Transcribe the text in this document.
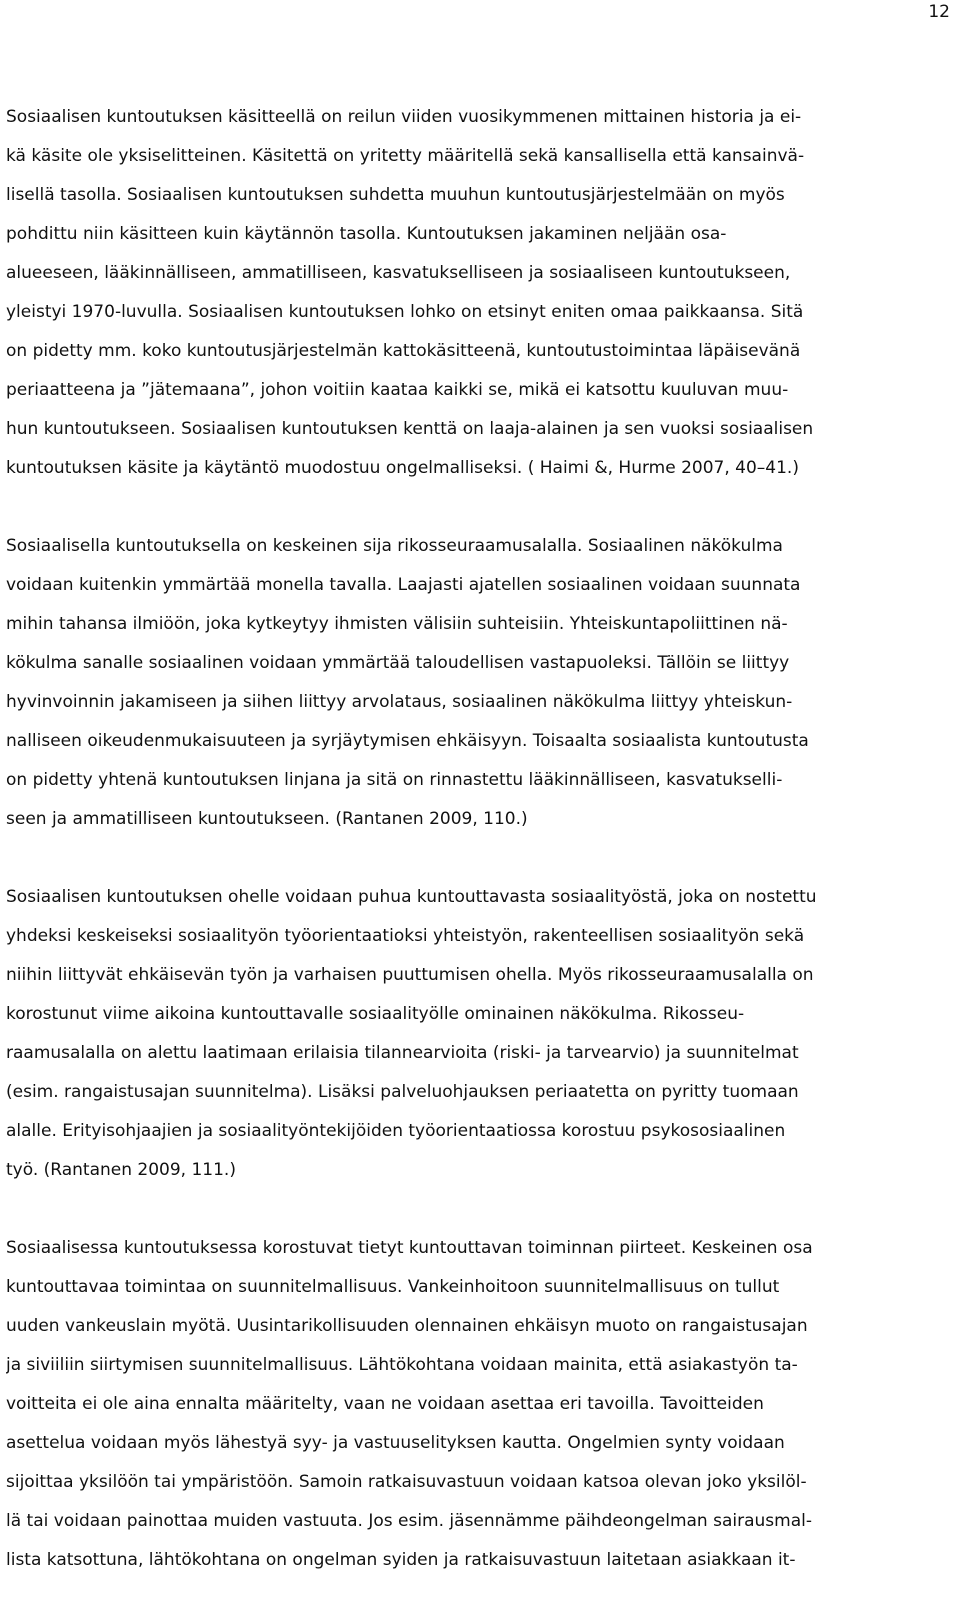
12

Sosiaalisen kuntoutuksen käsitteellä on reilun viiden vuosikymmenen mittainen historia ja ei-
kä käsite ole yksiselitteinen. Käsitettä on yritetty määritellä sekä kansallisella että kansainvä-
lisellä tasolla. Sosiaalisen kuntoutuksen suhdetta muuhun kuntoutusjärjestelmään on myös
pohdittu niin käsitteen kuin käytännön tasolla. Kuntoutuksen jakaminen neljään osa-
alueeseen, lääkinnälliseen, ammatilliseen, kasvatukselliseen ja sosiaaliseen kuntoutukseen,
yleistyi 1970-luvulla. Sosiaalisen kuntoutuksen lohko on etsinyt eniten omaa paikkaansa. Sitä
on pidetty mm. koko kuntoutusjärjestelmän kattokäsitteenä, kuntoutustoimintaa läpäisevänä
periaatteena ja ”jätemaana”, johon voitiin kaataa kaikki se, mikä ei katsottu kuuluvan muu-
hun kuntoutukseen. Sosiaalisen kuntoutuksen kenttä on laaja-alainen ja sen vuoksi sosiaalisen
kuntoutuksen käsite ja käytäntö muodostuu ongelmalliseksi. ( Haimi &, Hurme 2007, 40–41.)

Sosiaalisella kuntoutuksella on keskeinen sija rikosseuraamusalalla. Sosiaalinen näkökulma
voidaan kuitenkin ymmärtää monella tavalla. Laajasti ajatellen sosiaalinen voidaan suunnata
mihin tahansa ilmiöön, joka kytkeytyy ihmisten välisiin suhteisiin. Yhteiskuntapoliittinen nä-
kökulma sanalle sosiaalinen voidaan ymmärtää taloudellisen vastapuoleksi. Tällöin se liittyy
hyvinvoinnin jakamiseen ja siihen liittyy arvolataus, sosiaalinen näkökulma liittyy yhteiskun-
nalliseen oikeudenmukaisuuteen ja syrjäytymisen ehkäisyyn. Toisaalta sosiaalista kuntoutusta
on pidetty yhtenä kuntoutuksen linjana ja sitä on rinnastettu lääkinnälliseen, kasvatukselli-
seen ja ammatilliseen kuntoutukseen. (Rantanen 2009, 110.)

Sosiaalisen kuntoutuksen ohelle voidaan puhua kuntouttavasta sosiaalityöstä, joka on nostettu
yhdeksi keskeiseksi sosiaalityön työorientaatioksi yhteistyön, rakenteellisen sosiaalityön sekä
niihin liittyvät ehkäisevän työn ja varhaisen puuttumisen ohella. Myös rikosseuraamusalalla on
korostunut viime aikoina kuntouttavalle sosiaalityölle ominainen näkökulma. Rikosseu-
raamusalalla on alettu laatimaan erilaisia tilannearvioita (riski- ja tarvearvio) ja suunnitelmat
(esim. rangaistusajan suunnitelma). Lisäksi palveluohjauksen periaatetta on pyritty tuomaan
alalle. Erityisohjaajien ja sosiaalityöntekijöiden työorientaatiossa korostuu psykososiaalinen
työ. (Rantanen 2009, 111.)

Sosiaalisessa kuntoutuksessa korostuvat tietyt kuntouttavan toiminnan piirteet. Keskeinen osa
kuntouttavaa toimintaa on suunnitelmallisuus. Vankeinhoitoon suunnitelmallisuus on tullut
uuden vankeuslain myötä. Uusintarikollisuuden olennainen ehkäisyn muoto on rangaistusajan
ja siviiliin siirtymisen suunnitelmallisuus. Lähtökohtana voidaan mainita, että asiakastyön ta-
voitteita ei ole aina ennalta määritelty, vaan ne voidaan asettaa eri tavoilla. Tavoitteiden
asettelua voidaan myös lähestyä syy- ja vastuuselityksen kautta. Ongelmien synty voidaan
sijoittaa yksilöön tai ympäristöön. Samoin ratkaisuvastuun voidaan katsoa olevan joko yksilöl-
lä tai voidaan painottaa muiden vastuuta. Jos esim. jäsennämme päihdeongelman sairausmal-
lista katsottuna, lähtökohtana on ongelman syiden ja ratkaisuvastuun laitetaan asiakkaan it-
